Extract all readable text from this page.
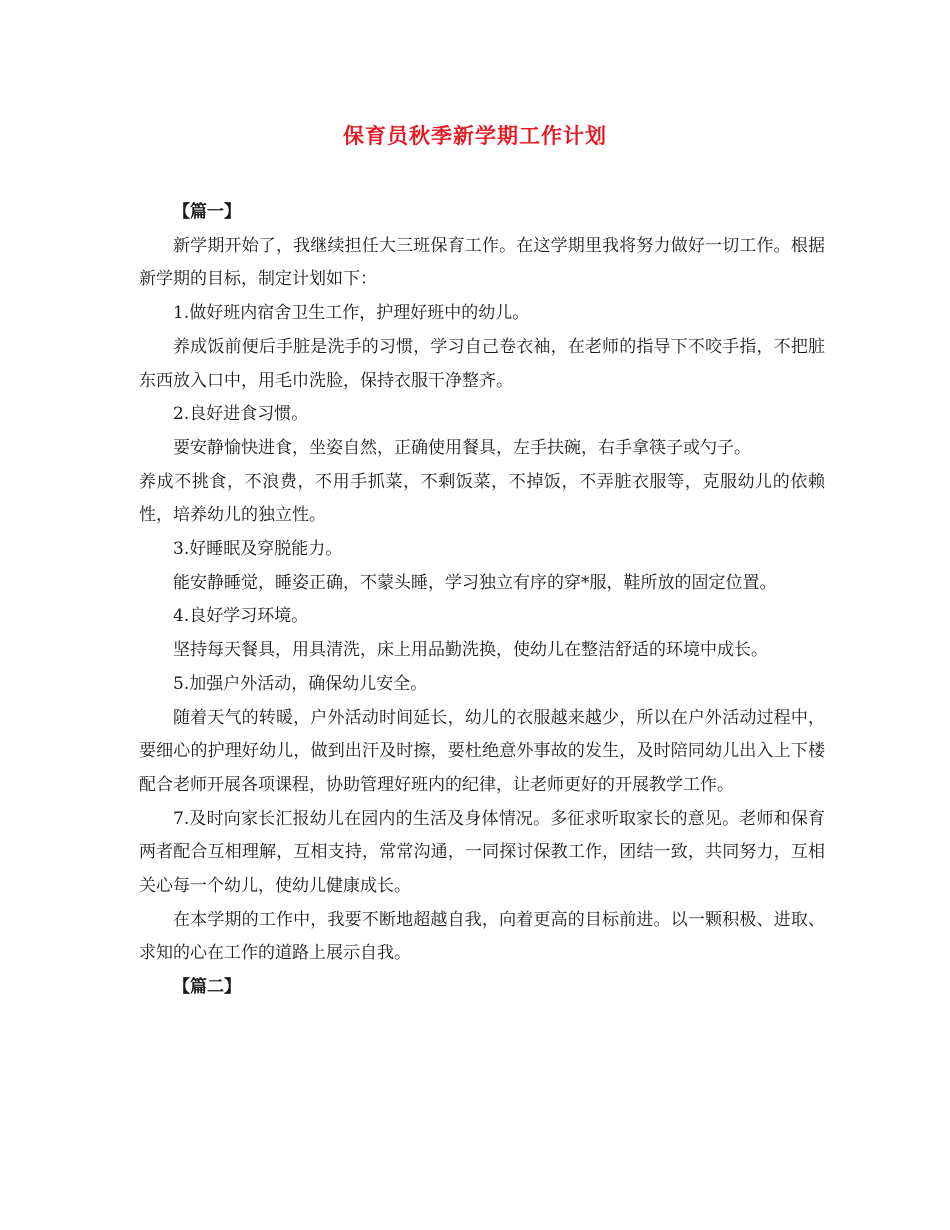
保育员秋季新学期工作计划

【篇一】

新学期开始了，我继续担任大三班保育工作。在这学期里我将努力做好一切工作。根据新学期的目标，制定计划如下：

1.做好班内宿舍卫生工作，护理好班中的幼儿。

养成饭前便后手脏是洗手的习惯，学习自己卷衣袖，在老师的指导下不咬手指，不把脏东西放入口中，用毛巾洗脸，保持衣服干净整齐。

2.良好进食习惯。

要安静愉快进食，坐姿自然，正确使用餐具，左手扶碗，右手拿筷子或勺子。

养成不挑食，不浪费，不用手抓菜，不剩饭菜，不掉饭，不弄脏衣服等，克服幼儿的依赖性，培养幼儿的独立性。

3.好睡眠及穿脱能力。

能安静睡觉，睡姿正确，不蒙头睡，学习独立有序的穿*服，鞋所放的固定位置。

4.良好学习环境。

坚持每天餐具，用具清洗，床上用品勤洗换，使幼儿在整洁舒适的环境中成长。

5.加强户外活动，确保幼儿安全。

随着天气的转暖，户外活动时间延长，幼儿的衣服越来越少，所以在户外活动过程中，要细心的护理好幼儿，做到出汗及时擦，要杜绝意外事故的发生，及时陪同幼儿出入上下楼配合老师开展各项课程，协助管理好班内的纪律，让老师更好的开展教学工作。

7.及时向家长汇报幼儿在园内的生活及身体情况。多征求听取家长的意见。老师和保育两者配合互相理解，互相支持，常常沟通，一同探讨保教工作，团结一致，共同努力，互相关心每一个幼儿，使幼儿健康成长。

在本学期的工作中，我要不断地超越自我，向着更高的目标前进。以一颗积极、进取、求知的心在工作的道路上展示自我。

【篇二】
